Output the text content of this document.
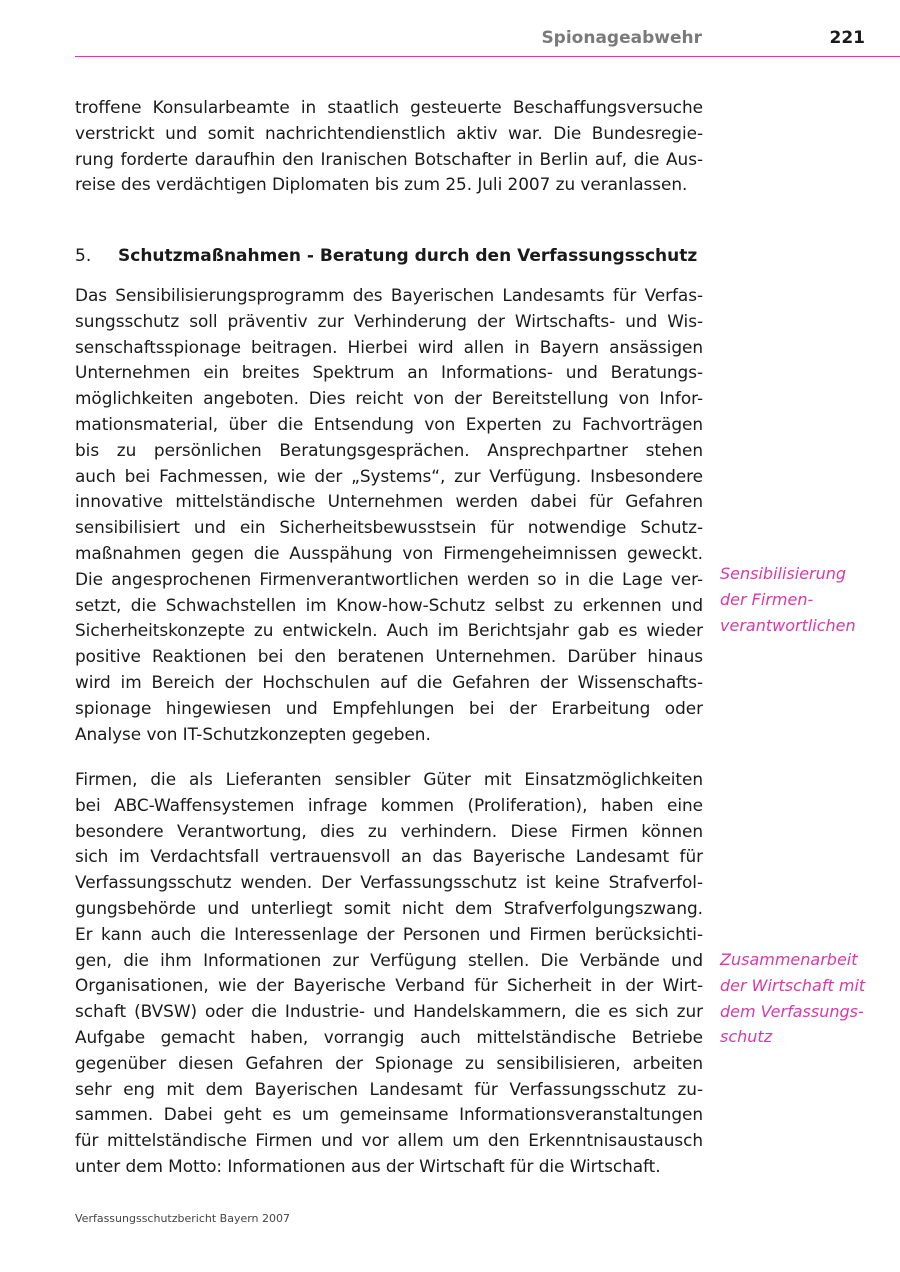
Spionageabwehr	221

troffene Konsularbeamte in staatlich gesteuerte Beschaffungsversuche
verstrickt und somit nachrichtendienstlich aktiv war. Die Bundesregie-
rung forderte daraufhin den Iranischen Botschafter in Berlin auf, die Aus-
reise des verdächtigen Diplomaten bis zum 25. Juli 2007 zu veranlassen.

5. Schutzmaßnahmen - Beratung durch den Verfassungsschutz

Das Sensibilisierungsprogramm des Bayerischen Landesamts für Verfas-
sungsschutz soll präventiv zur Verhinderung der Wirtschafts- und Wis-
senschaftsspionage beitragen. Hierbei wird allen in Bayern ansässigen
Unternehmen ein breites Spektrum an Informations- und Beratungs-
möglichkeiten angeboten. Dies reicht von der Bereitstellung von Infor-
mationsmaterial, über die Entsendung von Experten zu Fachvorträgen
bis zu persönlichen Beratungsgesprächen. Ansprechpartner stehen
auch bei Fachmessen, wie der „Systems“, zur Verfügung. Insbesondere
innovative mittelständische Unternehmen werden dabei für Gefahren
sensibilisiert und ein Sicherheitsbewusstsein für notwendige Schutz-
maßnahmen gegen die Ausspähung von Firmengeheimnissen geweckt.
Die angesprochenen Firmenverantwortlichen werden so in die Lage ver-
setzt, die Schwachstellen im Know-how-Schutz selbst zu erkennen und
Sicherheitskonzepte zu entwickeln. Auch im Berichtsjahr gab es wieder
positive Reaktionen bei den beratenen Unternehmen. Darüber hinaus
wird im Bereich der Hochschulen auf die Gefahren der Wissenschafts-
spionage hingewiesen und Empfehlungen bei der Erarbeitung oder
Analyse von IT-Schutzkonzepten gegeben.

Firmen, die als Lieferanten sensibler Güter mit Einsatzmöglichkeiten
bei ABC-Waffensystemen infrage kommen (Proliferation), haben eine
besondere Verantwortung, dies zu verhindern. Diese Firmen können
sich im Verdachtsfall vertrauensvoll an das Bayerische Landesamt für
Verfassungsschutz wenden. Der Verfassungsschutz ist keine Strafverfol-
gungsbehörde und unterliegt somit nicht dem Strafverfolgungszwang.
Er kann auch die Interessenlage der Personen und Firmen berücksichti-
gen, die ihm Informationen zur Verfügung stellen. Die Verbände und
Organisationen, wie der Bayerische Verband für Sicherheit in der Wirt-
schaft (BVSW) oder die Industrie- und Handelskammern, die es sich zur
Aufgabe gemacht haben, vorrangig auch mittelständische Betriebe
gegenüber diesen Gefahren der Spionage zu sensibilisieren, arbeiten
sehr eng mit dem Bayerischen Landesamt für Verfassungsschutz zu-
sammen. Dabei geht es um gemeinsame Informationsveranstaltungen
für mittelständische Firmen und vor allem um den Erkenntnisaustausch
unter dem Motto: Informationen aus der Wirtschaft für die Wirtschaft.

Sensibilisierung
der Firmen-
verantwortlichen
Zusammenarbeit
der Wirtschaft mit
dem Verfassungs-
schutz
Verfassungsschutzbericht Bayern 2007
